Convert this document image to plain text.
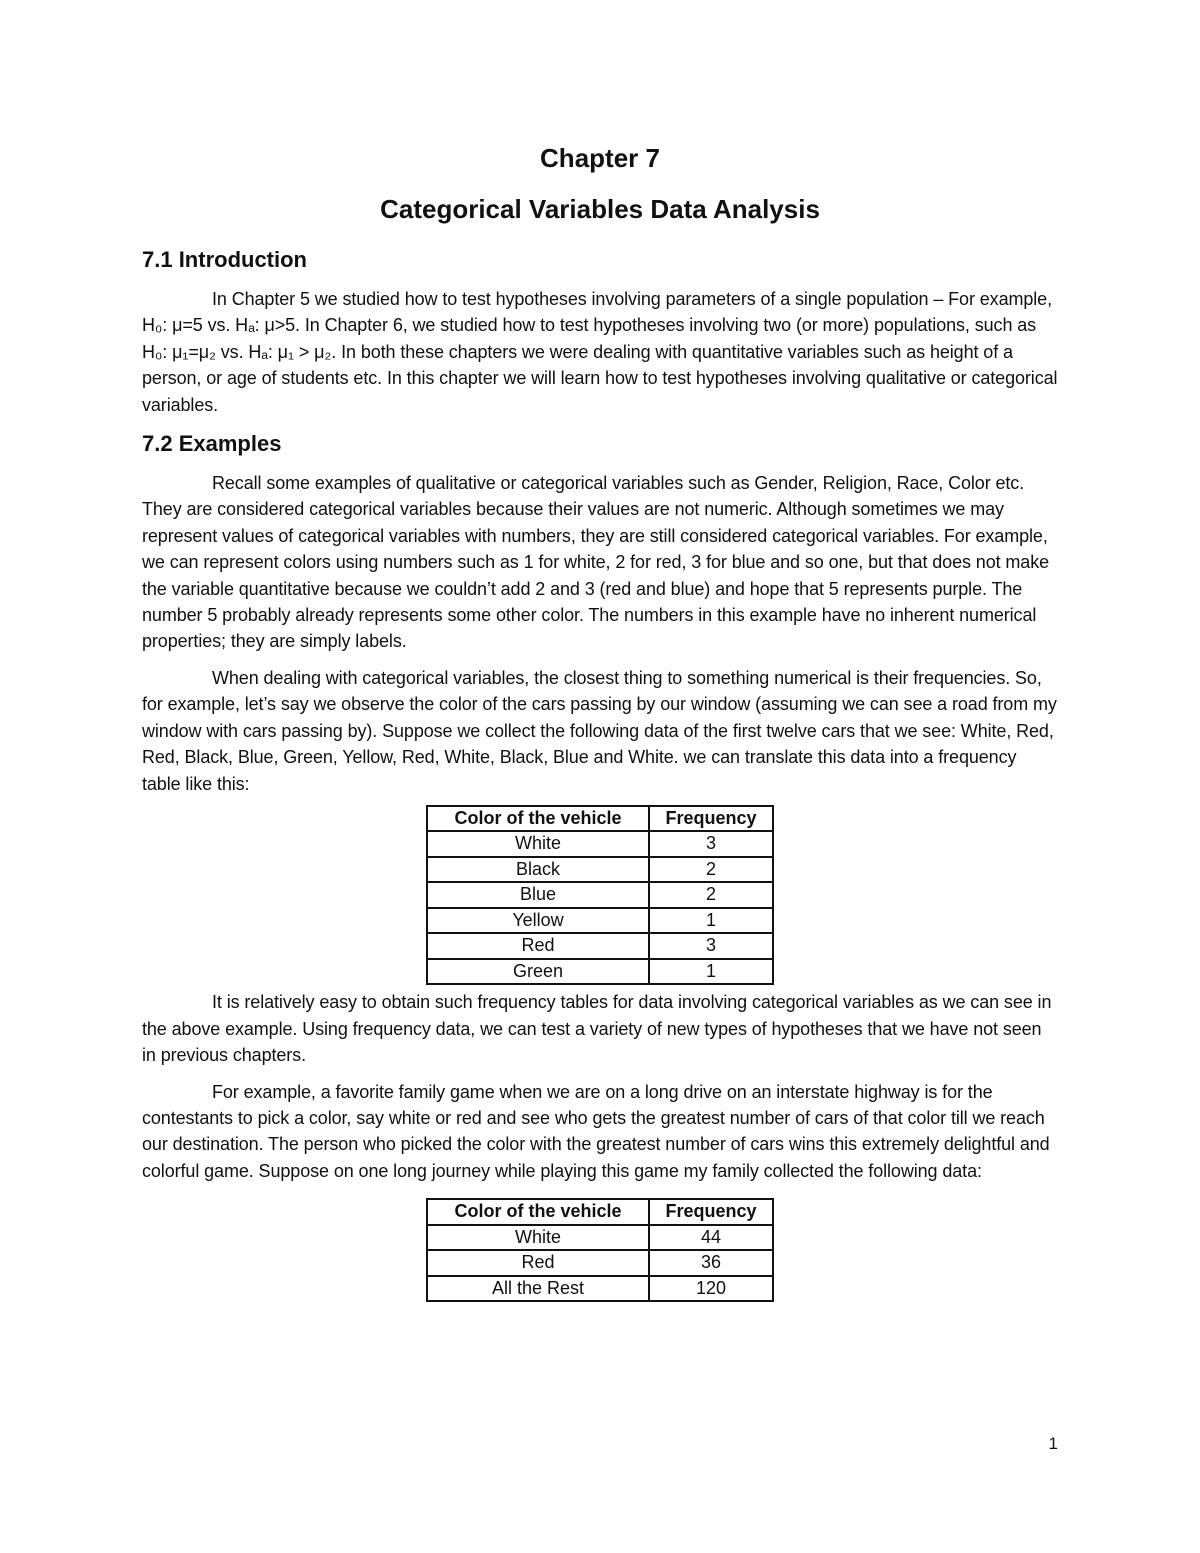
Chapter 7
Categorical Variables Data Analysis
7.1 Introduction

In Chapter 5 we studied how to test hypotheses involving parameters of a single population – For example, H₀: μ=5 vs. Hₐ: μ>5. In Chapter 6, we studied how to test hypotheses involving two (or more) populations, such as H₀: μ₁=μ₂ vs. Hₐ: μ₁ > μ₂. In both these chapters we were dealing with quantitative variables such as height of a person, or age of students etc. In this chapter we will learn how to test hypotheses involving qualitative or categorical variables.

7.2 Examples

Recall some examples of qualitative or categorical variables such as Gender, Religion, Race, Color etc. They are considered categorical variables because their values are not numeric. Although sometimes we may represent values of categorical variables with numbers, they are still considered categorical variables. For example, we can represent colors using numbers such as 1 for white, 2 for red, 3 for blue and so one, but that does not make the variable quantitative because we couldn’t add 2 and 3 (red and blue) and hope that 5 represents purple. The number 5 probably already represents some other color. The numbers in this example have no inherent numerical properties; they are simply labels.

When dealing with categorical variables, the closest thing to something numerical is their frequencies. So, for example, let’s say we observe the color of the cars passing by our window (assuming we can see a road from my window with cars passing by). Suppose we collect the following data of the first twelve cars that we see: White, Red, Red, Black, Blue, Green, Yellow, Red, White, Black, Blue and White. we can translate this data into a frequency table like this:

Color of the vehicle	Frequency
White	3
Black	2
Blue	2
Yellow	1
Red	3
Green	1

It is relatively easy to obtain such frequency tables for data involving categorical variables as we can see in the above example. Using frequency data, we can test a variety of new types of hypotheses that we have not seen in previous chapters.

For example, a favorite family game when we are on a long drive on an interstate highway is for the contestants to pick a color, say white or red and see who gets the greatest number of cars of that color till we reach our destination. The person who picked the color with the greatest number of cars wins this extremely delightful and colorful game. Suppose on one long journey while playing this game my family collected the following data:

Color of the vehicle	Frequency
White	44
Red	36
All the Rest	120
1
